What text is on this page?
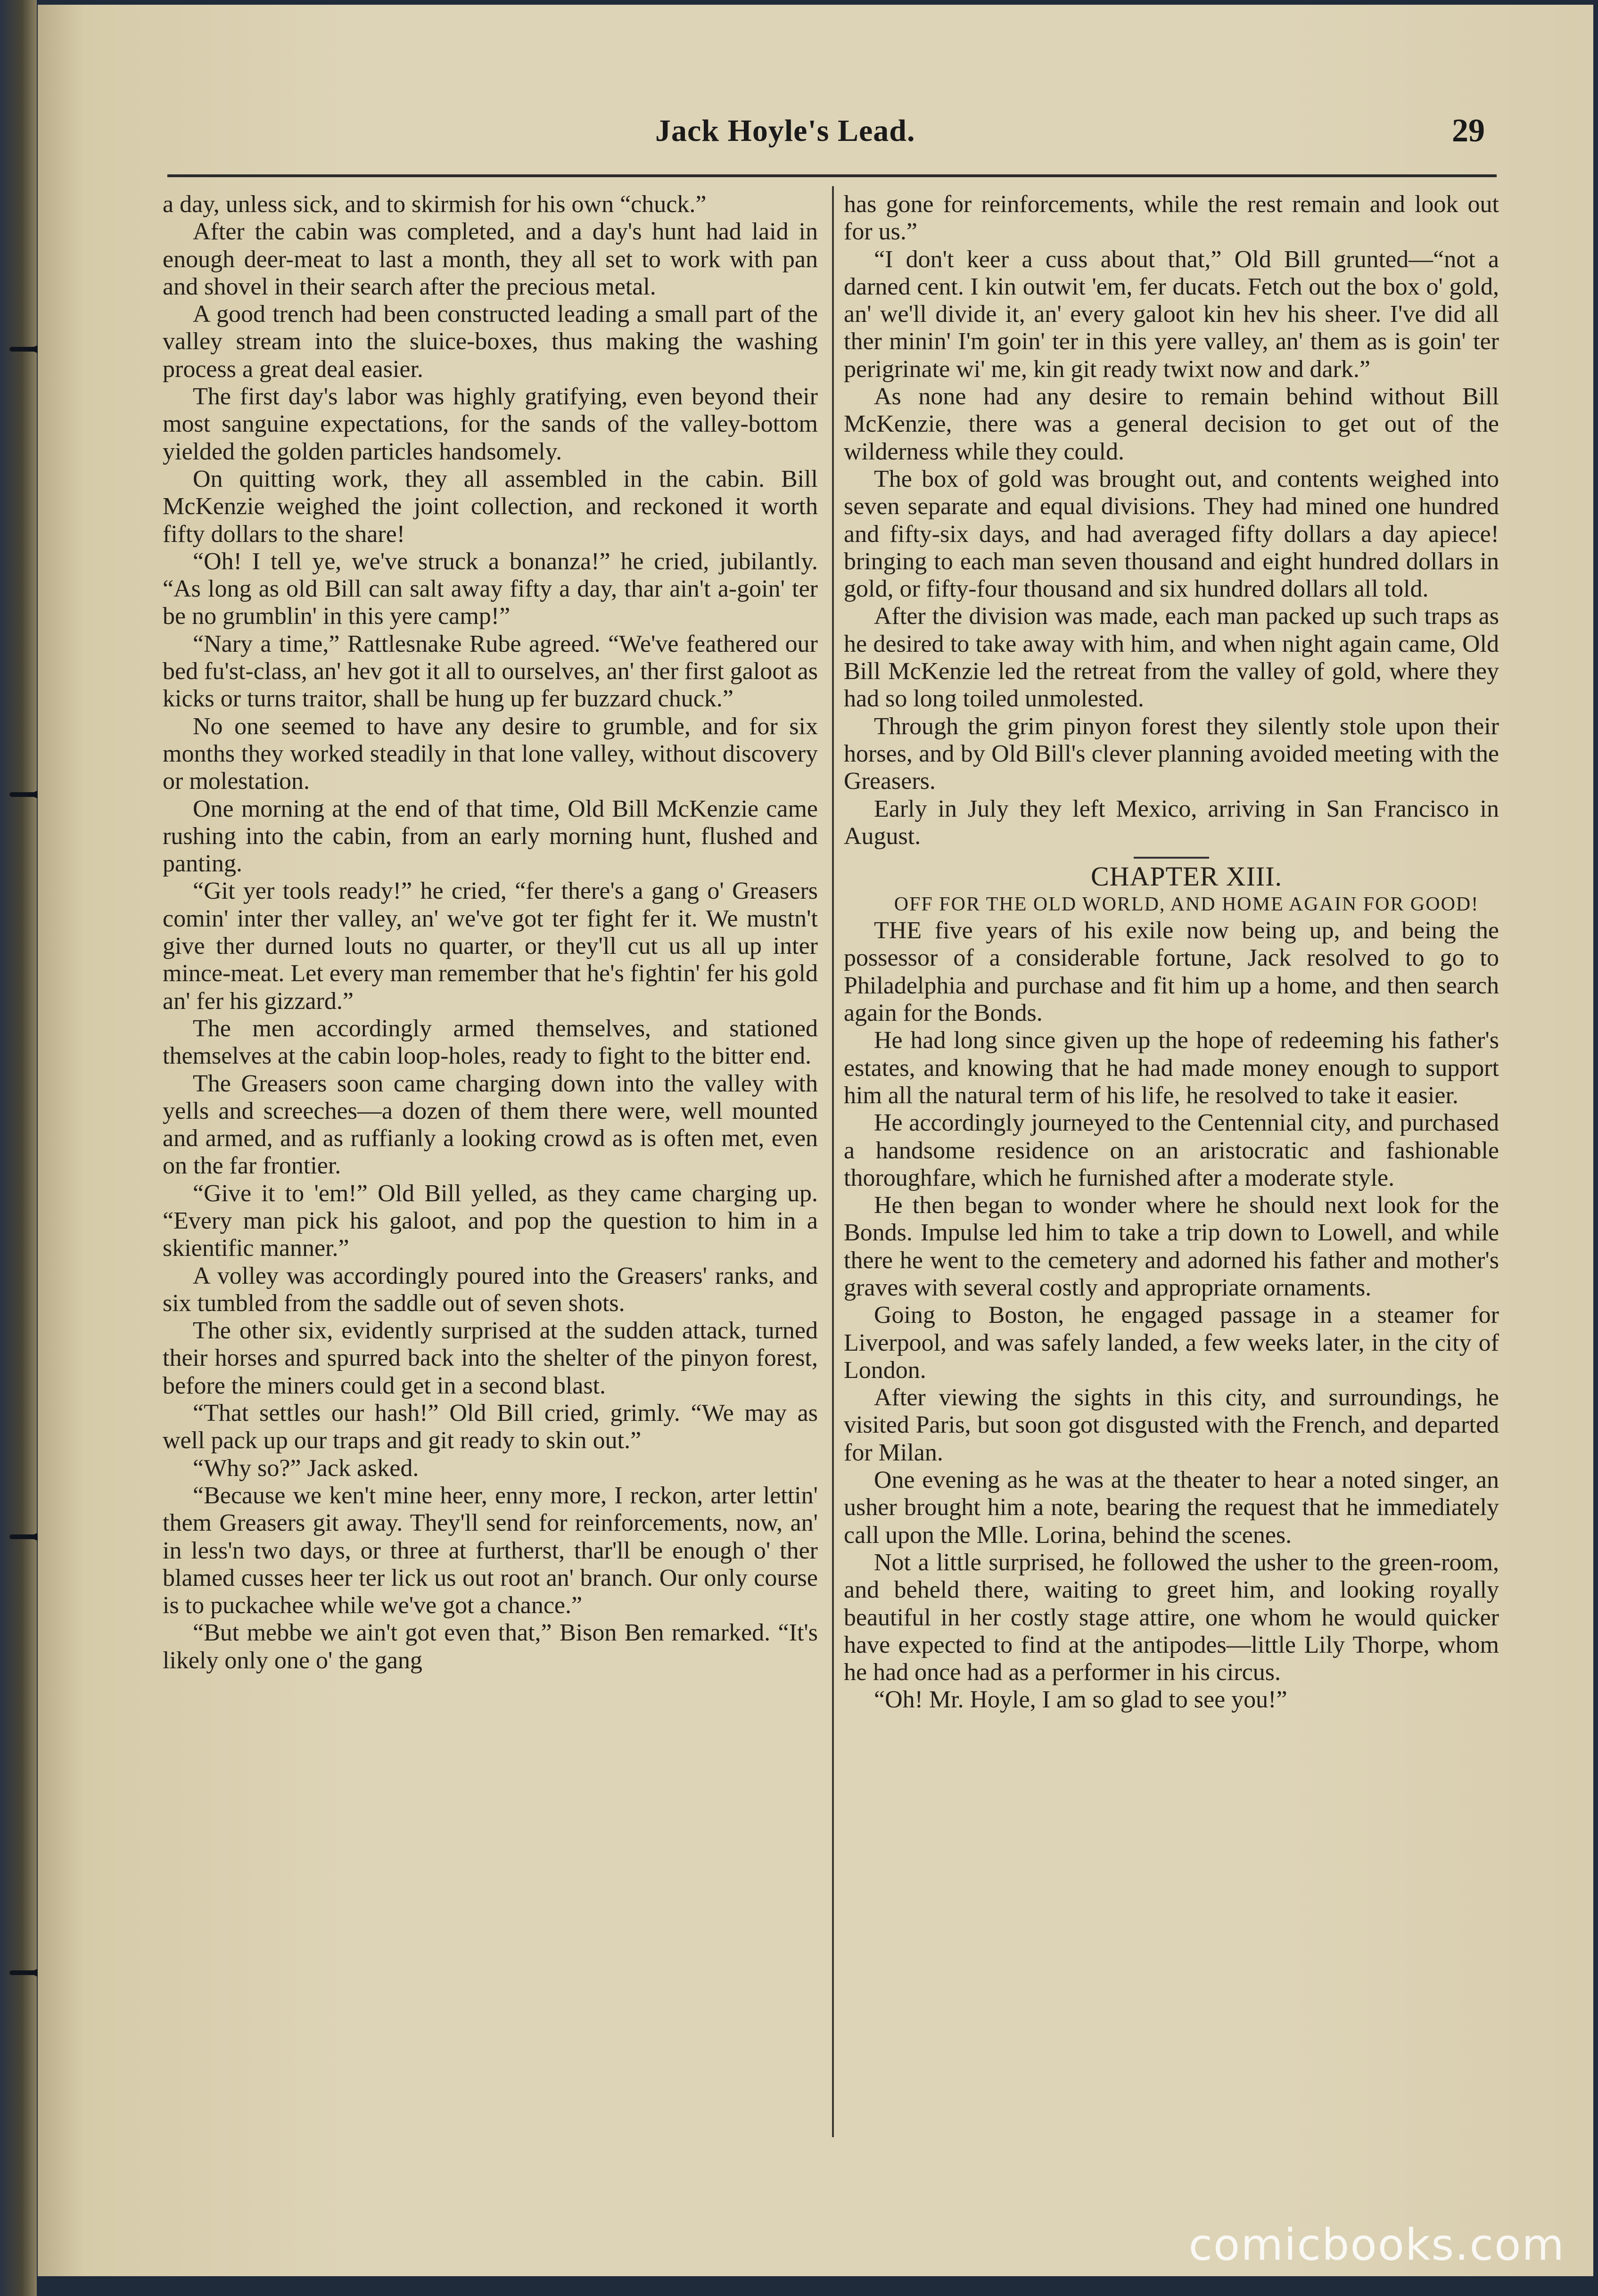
Jack Hoyle's Lead.	29

a day, unless sick, and to skirmish for his own “chuck.”

After the cabin was completed, and a day's hunt had laid in enough deer-meat to last a month, they all set to work with pan and shovel in their search after the precious metal.

A good trench had been constructed leading a small part of the valley stream into the sluice-boxes, thus making the washing process a great deal easier.

The first day's labor was highly gratifying, even beyond their most sanguine expectations, for the sands of the valley-bottom yielded the golden particles handsomely.

On quitting work, they all assembled in the cabin. Bill McKenzie weighed the joint collection, and reckoned it worth fifty dollars to the share!

“Oh! I tell ye, we've struck a bonanza!” he cried, jubilantly. “As long as old Bill can salt away fifty a day, thar ain't a-goin' ter be no grumblin' in this yere camp!”

“Nary a time,” Rattlesnake Rube agreed. “We've feathered our bed fu'st-class, an' hev got it all to ourselves, an' ther first galoot as kicks or turns traitor, shall be hung up fer buzzard chuck.”

No one seemed to have any desire to grumble, and for six months they worked steadily in that lone valley, without discovery or molestation.

One morning at the end of that time, Old Bill McKenzie came rushing into the cabin, from an early morning hunt, flushed and panting.

“Git yer tools ready!” he cried, “fer there's a gang o' Greasers comin' inter ther valley, an' we've got ter fight fer it. We mustn't give ther durned louts no quarter, or they'll cut us all up inter mince-meat. Let every man remember that he's fightin' fer his gold an' fer his gizzard.”

The men accordingly armed themselves, and stationed themselves at the cabin loop-holes, ready to fight to the bitter end.

The Greasers soon came charging down into the valley with yells and screeches—a dozen of them there were, well mounted and armed, and as ruffianly a looking crowd as is often met, even on the far frontier.

“Give it to 'em!” Old Bill yelled, as they came charging up. “Every man pick his galoot, and pop the question to him in a skientific manner.”

A volley was accordingly poured into the Greasers' ranks, and six tumbled from the saddle out of seven shots.

The other six, evidently surprised at the sudden attack, turned their horses and spurred back into the shelter of the pinyon forest, before the miners could get in a second blast.

“That settles our hash!” Old Bill cried, grimly. “We may as well pack up our traps and git ready to skin out.”

“Why so?” Jack asked.

“Because we ken't mine heer, enny more, I reckon, arter lettin' them Greasers git away. They'll send for reinforcements, now, an' in less'n two days, or three at furtherst, thar'll be enough o' ther blamed cusses heer ter lick us out root an' branch. Our only course is to puckachee while we've got a chance.”

“But mebbe we ain't got even that,” Bison Ben remarked. “It's likely only one o' the gang

has gone for reinforcements, while the rest remain and look out for us.”

“I don't keer a cuss about that,” Old Bill grunted—“not a darned cent. I kin outwit 'em, fer ducats. Fetch out the box o' gold, an' we'll divide it, an' every galoot kin hev his sheer. I've did all ther minin' I'm goin' ter in this yere valley, an' them as is goin' ter perigrinate wi' me, kin git ready twixt now and dark.”

As none had any desire to remain behind without Bill McKenzie, there was a general decision to get out of the wilderness while they could.

The box of gold was brought out, and contents weighed into seven separate and equal divisions. They had mined one hundred and fifty-six days, and had averaged fifty dollars a day apiece! bringing to each man seven thousand and eight hundred dollars in gold, or fifty-four thousand and six hundred dollars all told.

After the division was made, each man packed up such traps as he desired to take away with him, and when night again came, Old Bill McKenzie led the retreat from the valley of gold, where they had so long toiled unmolested.

Through the grim pinyon forest they silently stole upon their horses, and by Old Bill's clever planning avoided meeting with the Greasers.

Early in July they left Mexico, arriving in San Francisco in August.

CHAPTER XIII.

OFF FOR THE OLD WORLD, AND HOME AGAIN FOR GOOD!

THE five years of his exile now being up, and being the possessor of a considerable fortune, Jack resolved to go to Philadelphia and purchase and fit him up a home, and then search again for the Bonds.

He had long since given up the hope of redeeming his father's estates, and knowing that he had made money enough to support him all the natural term of his life, he resolved to take it easier.

He accordingly journeyed to the Centennial city, and purchased a handsome residence on an aristocratic and fashionable thoroughfare, which he furnished after a moderate style.

He then began to wonder where he should next look for the Bonds. Impulse led him to take a trip down to Lowell, and while there he went to the cemetery and adorned his father and mother's graves with several costly and appropriate ornaments.

Going to Boston, he engaged passage in a steamer for Liverpool, and was safely landed, a few weeks later, in the city of London.

After viewing the sights in this city, and surroundings, he visited Paris, but soon got disgusted with the French, and departed for Milan.

One evening as he was at the theater to hear a noted singer, an usher brought him a note, bearing the request that he immediately call upon the Mlle. Lorina, behind the scenes.

Not a little surprised, he followed the usher to the green-room, and beheld there, waiting to greet him, and looking royally beautiful in her costly stage attire, one whom he would quicker have expected to find at the antipodes—little Lily Thorpe, whom he had once had as a performer in his circus.

“Oh! Mr. Hoyle, I am so glad to see you!”

comicbooks.com
